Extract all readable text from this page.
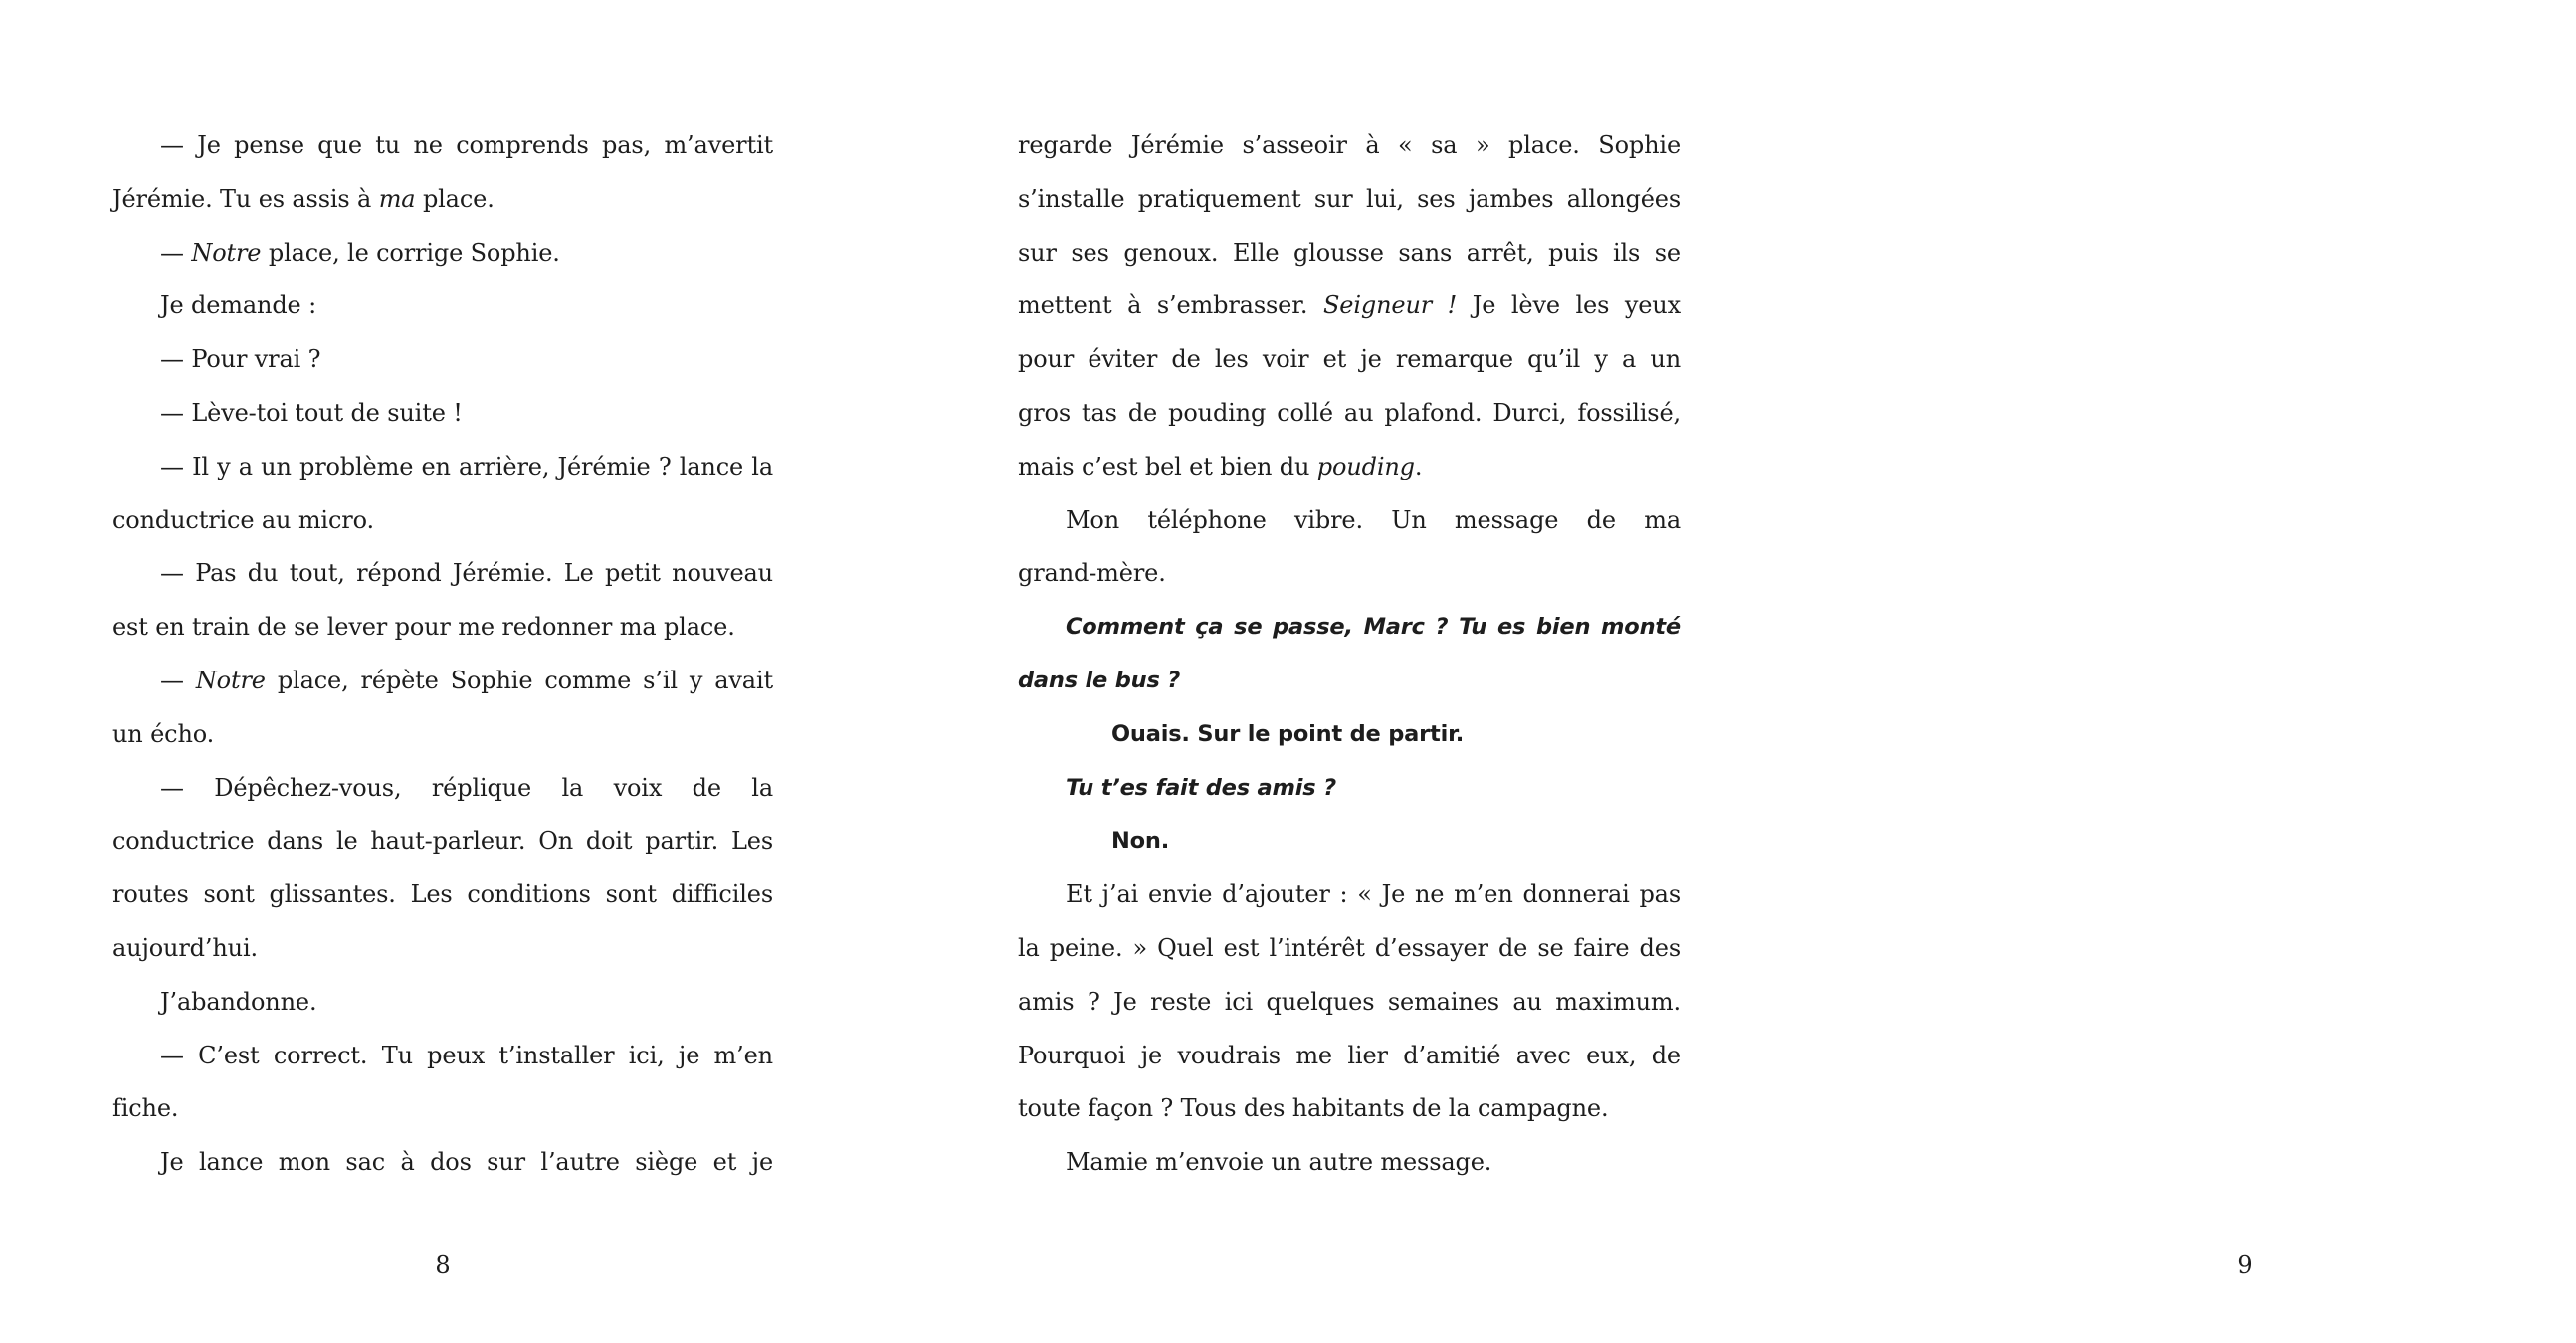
— Je pense que tu ne comprends pas, m’avertit
Jérémie. Tu es assis à ma place.
— Notre place, le corrige Sophie.
Je demande :
— Pour vrai ?
— Lève-toi tout de suite !
— Il y a un problème en arrière, Jérémie ? lance la
conductrice au micro.
— Pas du tout, répond Jérémie. Le petit nouveau
est en train de se lever pour me redonner ma place.
— Notre place, répète Sophie comme s’il y avait
un écho.
— Dépêchez-vous, réplique la voix de la
conductrice dans le haut-parleur. On doit partir. Les
routes sont glissantes. Les conditions sont difficiles
aujourd’hui.
J’abandonne.
— C’est correct. Tu peux t’installer ici, je m’en
fiche.
Je lance mon sac à dos sur l’autre siège et je
8
regarde Jérémie s’asseoir à « sa » place. Sophie
s’installe pratiquement sur lui, ses jambes allongées
sur ses genoux. Elle glousse sans arrêt, puis ils se
mettent à s’embrasser. Seigneur ! Je lève les yeux
pour éviter de les voir et je remarque qu’il y a un
gros tas de pouding collé au plafond. Durci, fossilisé,
mais c’est bel et bien du pouding.
Mon téléphone vibre. Un message de ma
grand-mère.
Comment ça se passe, Marc ? Tu es bien monté
dans le bus ?
Ouais. Sur le point de partir.
Tu t’es fait des amis ?
Non.
Et j’ai envie d’ajouter : « Je ne m’en donnerai pas
la peine. » Quel est l’intérêt d’essayer de se faire des
amis ? Je reste ici quelques semaines au maximum.
Pourquoi je voudrais me lier d’amitié avec eux, de
toute façon ? Tous des habitants de la campagne.
Mamie m’envoie un autre message.
9
